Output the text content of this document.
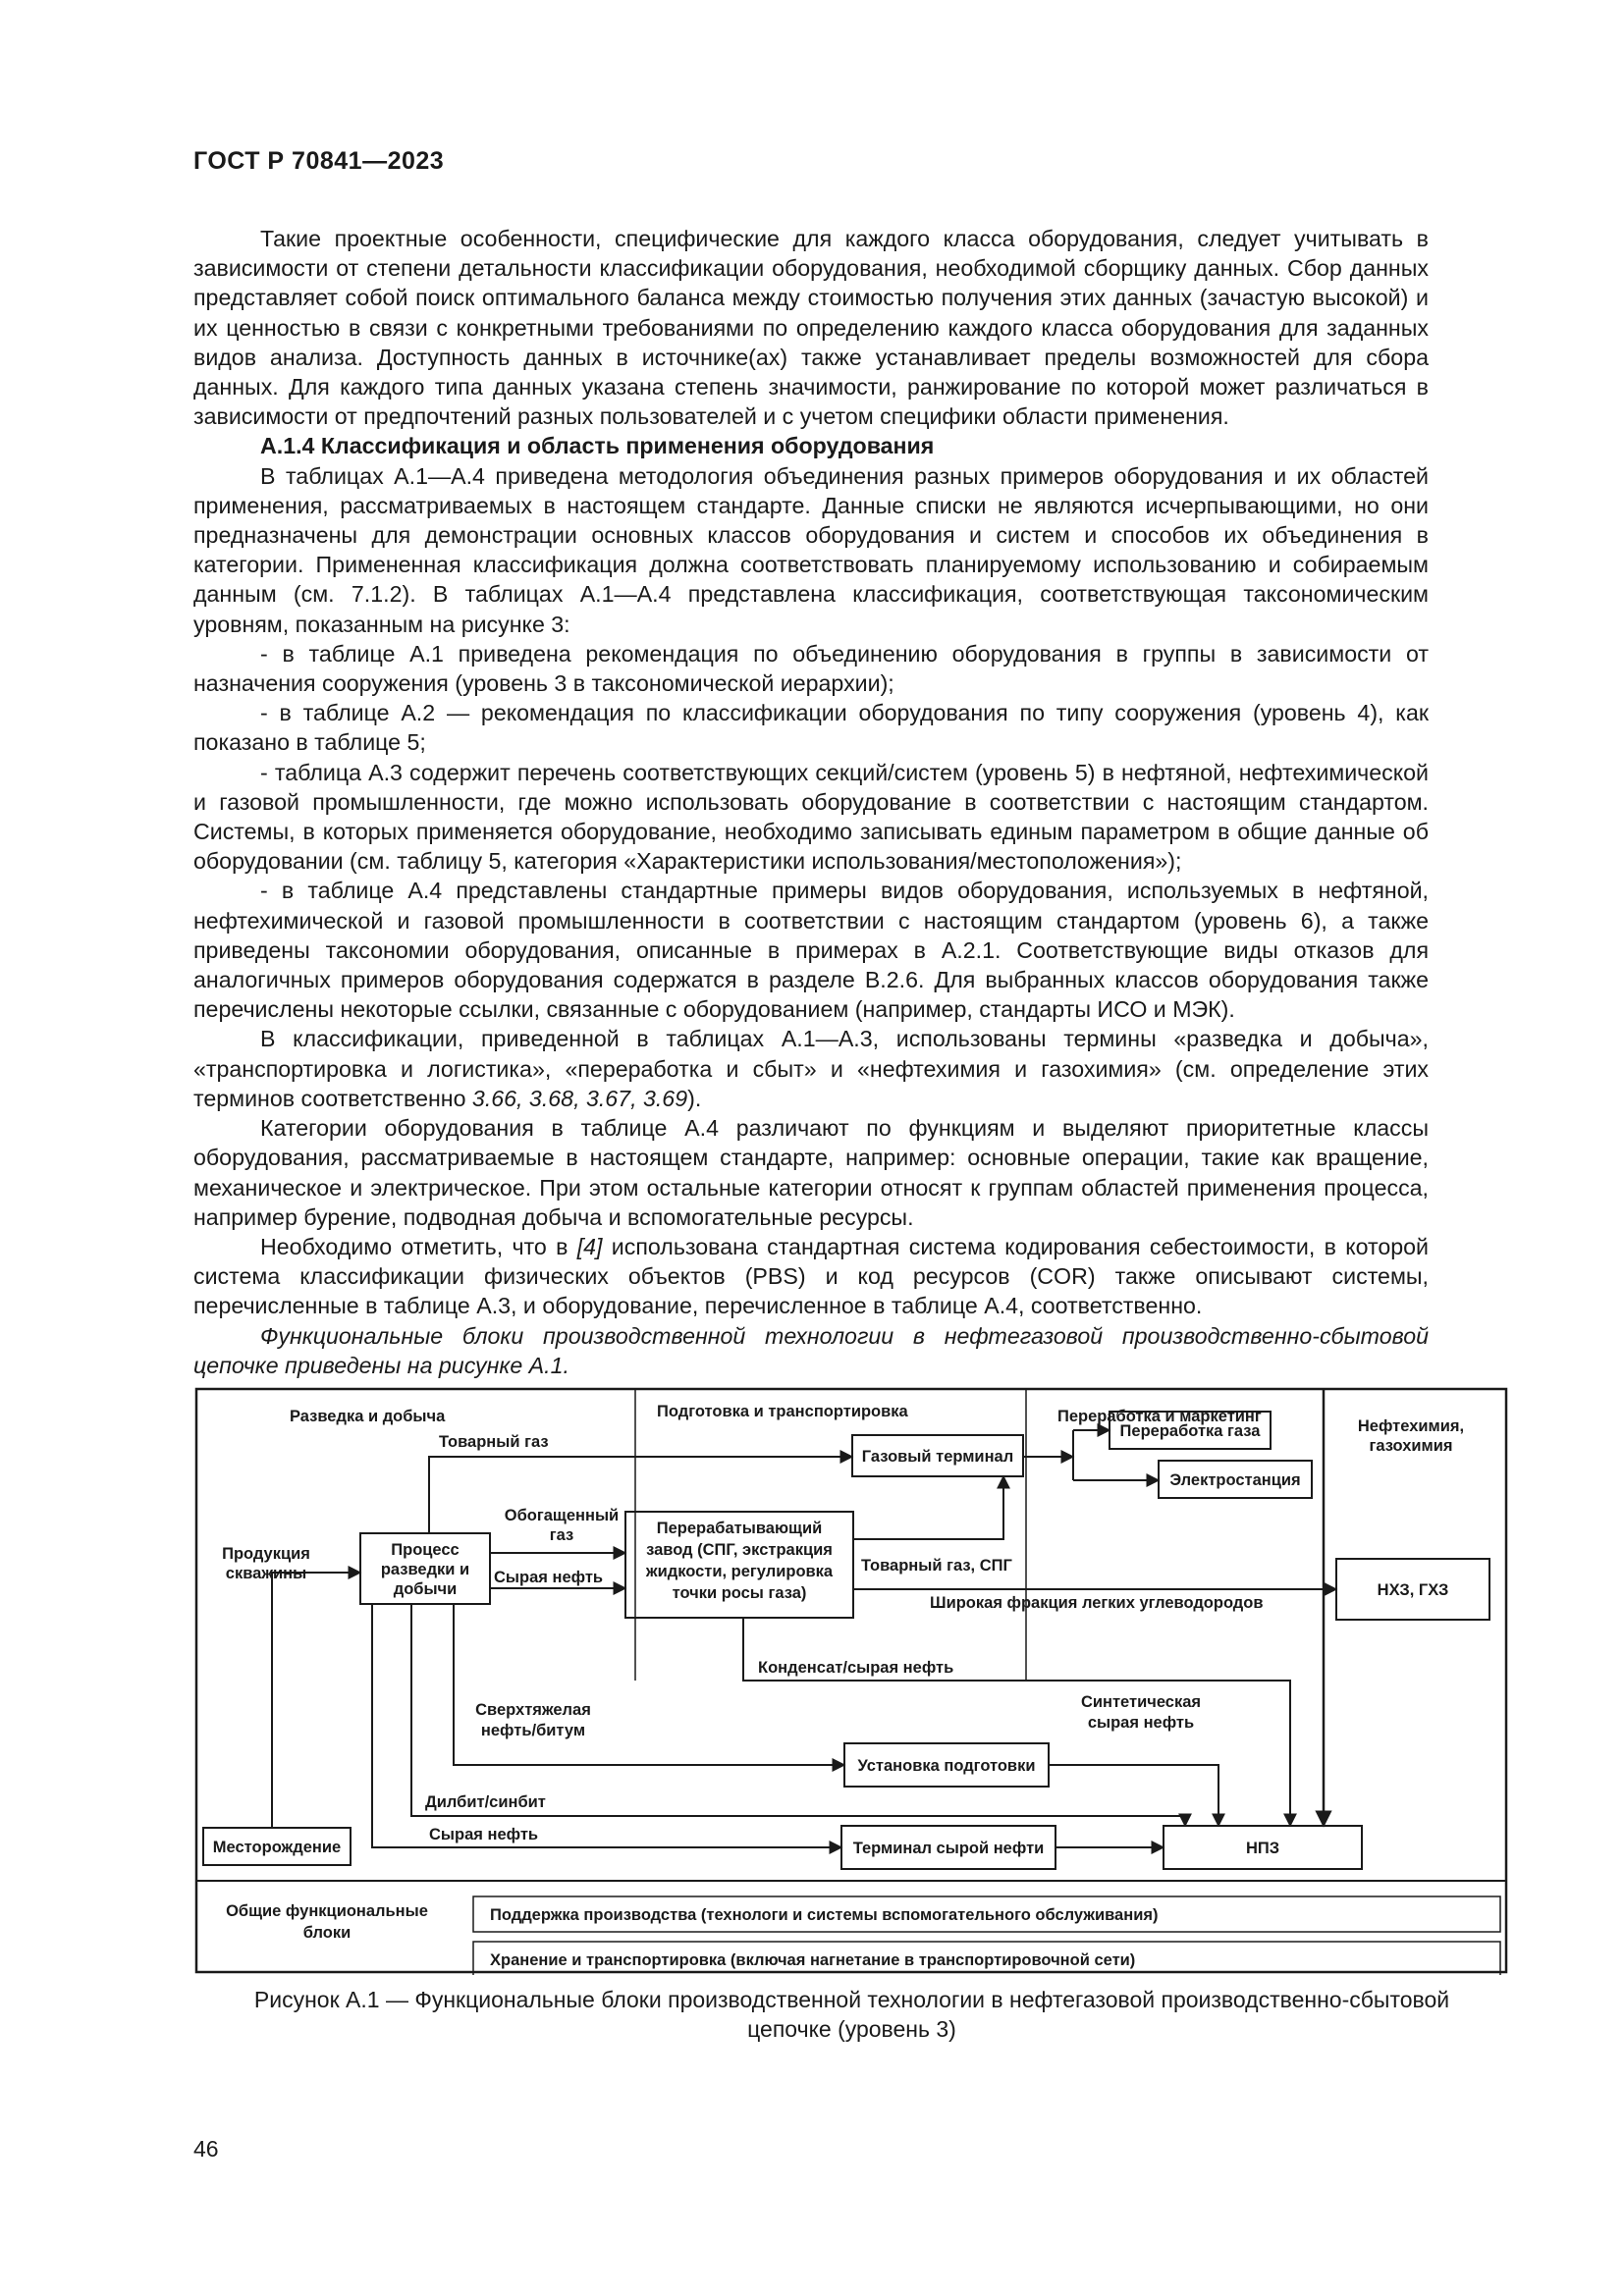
ГОСТ Р 70841—2023

Такие проектные особенности, специфические для каждого класса оборудования, следует учитывать в зависимости от степени детальности классификации оборудования, необходимой сборщику данных. Сбор данных представляет собой поиск оптимального баланса между стоимостью получения этих данных (зачастую высокой) и их ценностью в связи с конкретными требованиями по определению каждого класса оборудования для заданных видов анализа. Доступность данных в источнике(ах) также устанавливает пределы возможностей для сбора данных. Для каждого типа данных указана степень значимости, ранжирование по которой может различаться в зависимости от предпочтений разных пользователей и с учетом специфики области применения.

А.1.4 Классификация и область применения оборудования

В таблицах А.1—А.4 приведена методология объединения разных примеров оборудования и их областей применения, рассматриваемых в настоящем стандарте. Данные списки не являются исчерпывающими, но они предназначены для демонстрации основных классов оборудования и систем и способов их объединения в категории. Примененная классификация должна соответствовать планируемому использованию и собираемым данным (см. 7.1.2). В таблицах А.1—А.4 представлена классификация, соответствующая таксономическим уровням, показанным на рисунке 3:

- в таблице А.1 приведена рекомендация по объединению оборудования в группы в зависимости от назначения сооружения (уровень 3 в таксономической иерархии);

- в таблице А.2 — рекомендация по классификации оборудования по типу сооружения (уровень 4), как показано в таблице 5;

- таблица А.3 содержит перечень соответствующих секций/систем (уровень 5) в нефтяной, нефтехимической и газовой промышленности, где можно использовать оборудование в соответствии с настоящим стандартом. Системы, в которых применяется оборудование, необходимо записывать единым параметром в общие данные об оборудовании (см. таблицу 5, категория «Характеристики использования/местоположения»);

- в таблице А.4 представлены стандартные примеры видов оборудования, используемых в нефтяной, нефтехимической и газовой промышленности в соответствии с настоящим стандартом (уровень 6), а также приведены таксономии оборудования, описанные в примерах в А.2.1. Соответствующие виды отказов для аналогичных примеров оборудования содержатся в разделе В.2.6. Для выбранных классов оборудования также перечислены некоторые ссылки, связанные с оборудованием (например, стандарты ИСО и МЭК).

В классификации, приведенной в таблицах А.1—А.3, использованы термины «разведка и добыча», «транспортировка и логистика», «переработка и сбыт» и «нефтехимия и газохимия» (см. определение этих терминов соответственно 3.66, 3.68, 3.67, 3.69).

Категории оборудования в таблице А.4 различают по функциям и выделяют приоритетные классы оборудования, рассматриваемые в настоящем стандарте, например: основные операции, такие как вращение, механическое и электрическое. При этом остальные категории относят к группам областей применения процесса, например бурение, подводная добыча и вспомогательные ресурсы.

Необходимо отметить, что в [4] использована стандартная система кодирования себестоимости, в которой система классификации физических объектов (PBS) и код ресурсов (COR) также описывают системы, перечисленные в таблице А.3, и оборудование, перечисленное в таблице А.4, соответственно.

Функциональные блоки производственной технологии в нефтегазовой производственно-сбытовой цепочке приведены на рисунке А.1.

Разведка и добыча	Подготовка и транспортировка	Переработка и маркетинг
Нефтехимия,
газохимия
Процесс
разведки и
добычи
Перерабатывающий
завод (СПГ, экстракция
жидкости, регулировка
точки росы газа)
Газовый терминал
Переработка газа
Электростанция
НХЗ, ГХЗ
Месторождение
Установка подготовки
Терминал сырой нефти	НПЗ
Продукция
скважины
Товарный газ
Обогащенный
газ
Сырая нефть
Товарный газ, СПГ
Широкая фракция легких углеводородов
Конденсат/сырая нефть
Сверхтяжелая
нефть/битум
Синтетическая
сырая нефть
Дилбит/синбит
Сырая нефть
Общие функциональные
блоки
Поддержка производства (технологи и системы вспомогательного обслуживания)
Хранение и транспортировка (включая нагнетание в транспортировочной сети)
Рисунок А.1 — Функциональные блоки производственной технологии в нефтегазовой производственно-сбытовой
цепочке (уровень 3)
46
